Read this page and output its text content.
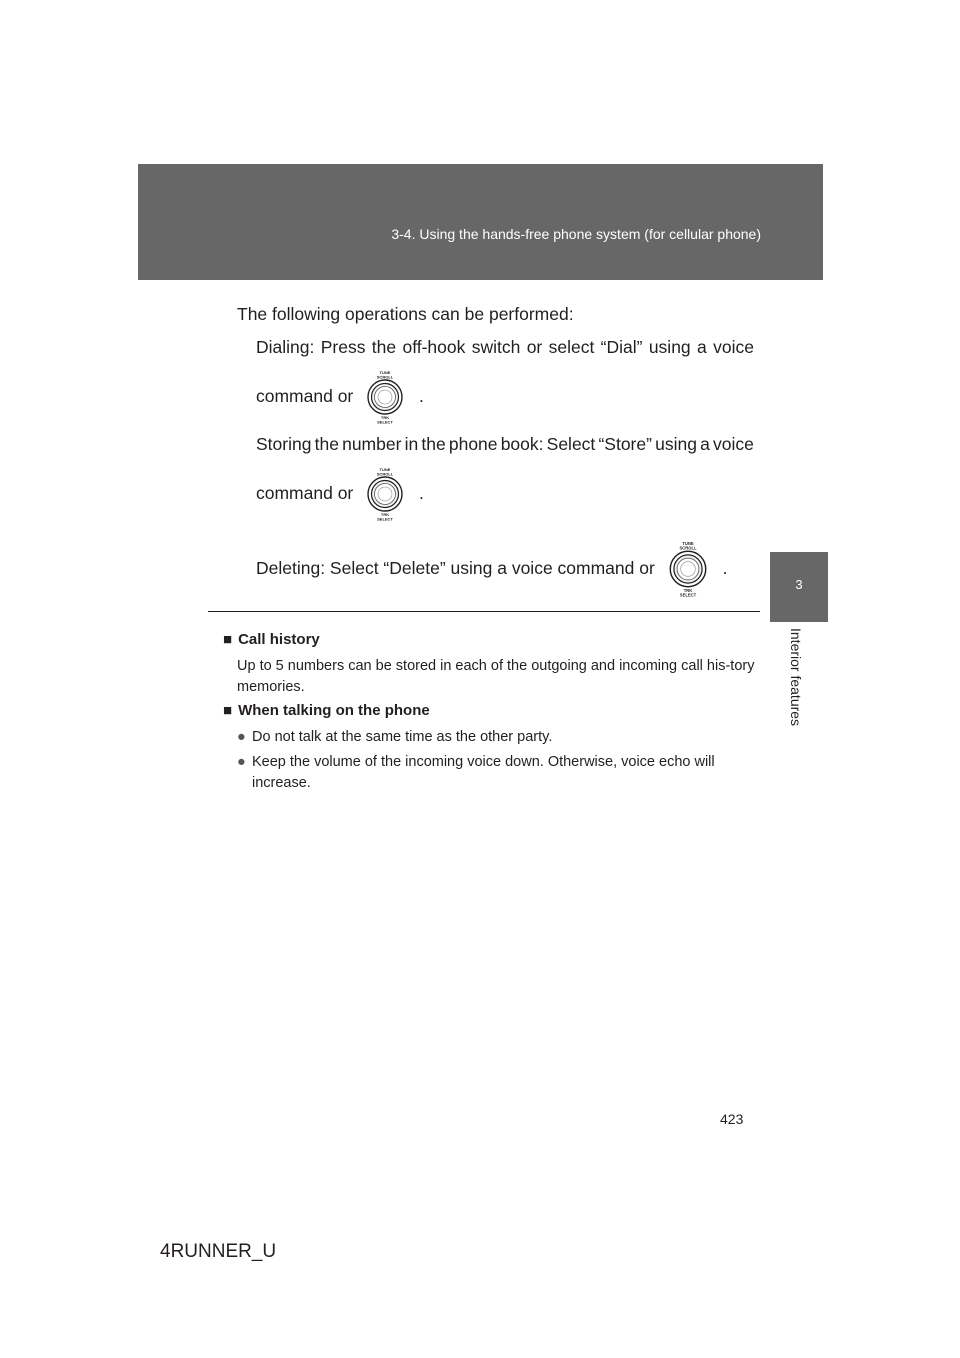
3-4. Using the hands-free phone system (for cellular phone)
3
Interior features
The following operations can be performed:
Dialing: Press the off-hook switch or select “Dial” using a voice
command or
TUNE
SCROLL
TRK
SELECT
.
Storing the number in the phone book: Select “Store” using a voice
command or
TUNE
SCROLL
TRK
SELECT
.
Deleting: Select “Delete” using a voice command or
TUNE
SCROLL
TRK
SELECT
.
■ Call history
Up to 5 numbers can be stored in each of the outgoing and incoming call his-tory memories.
■ When talking on the phone
● Do not talk at the same time as the other party.
● Keep the volume of the incoming voice down. Otherwise, voice echo will increase.
423
4RUNNER_U
